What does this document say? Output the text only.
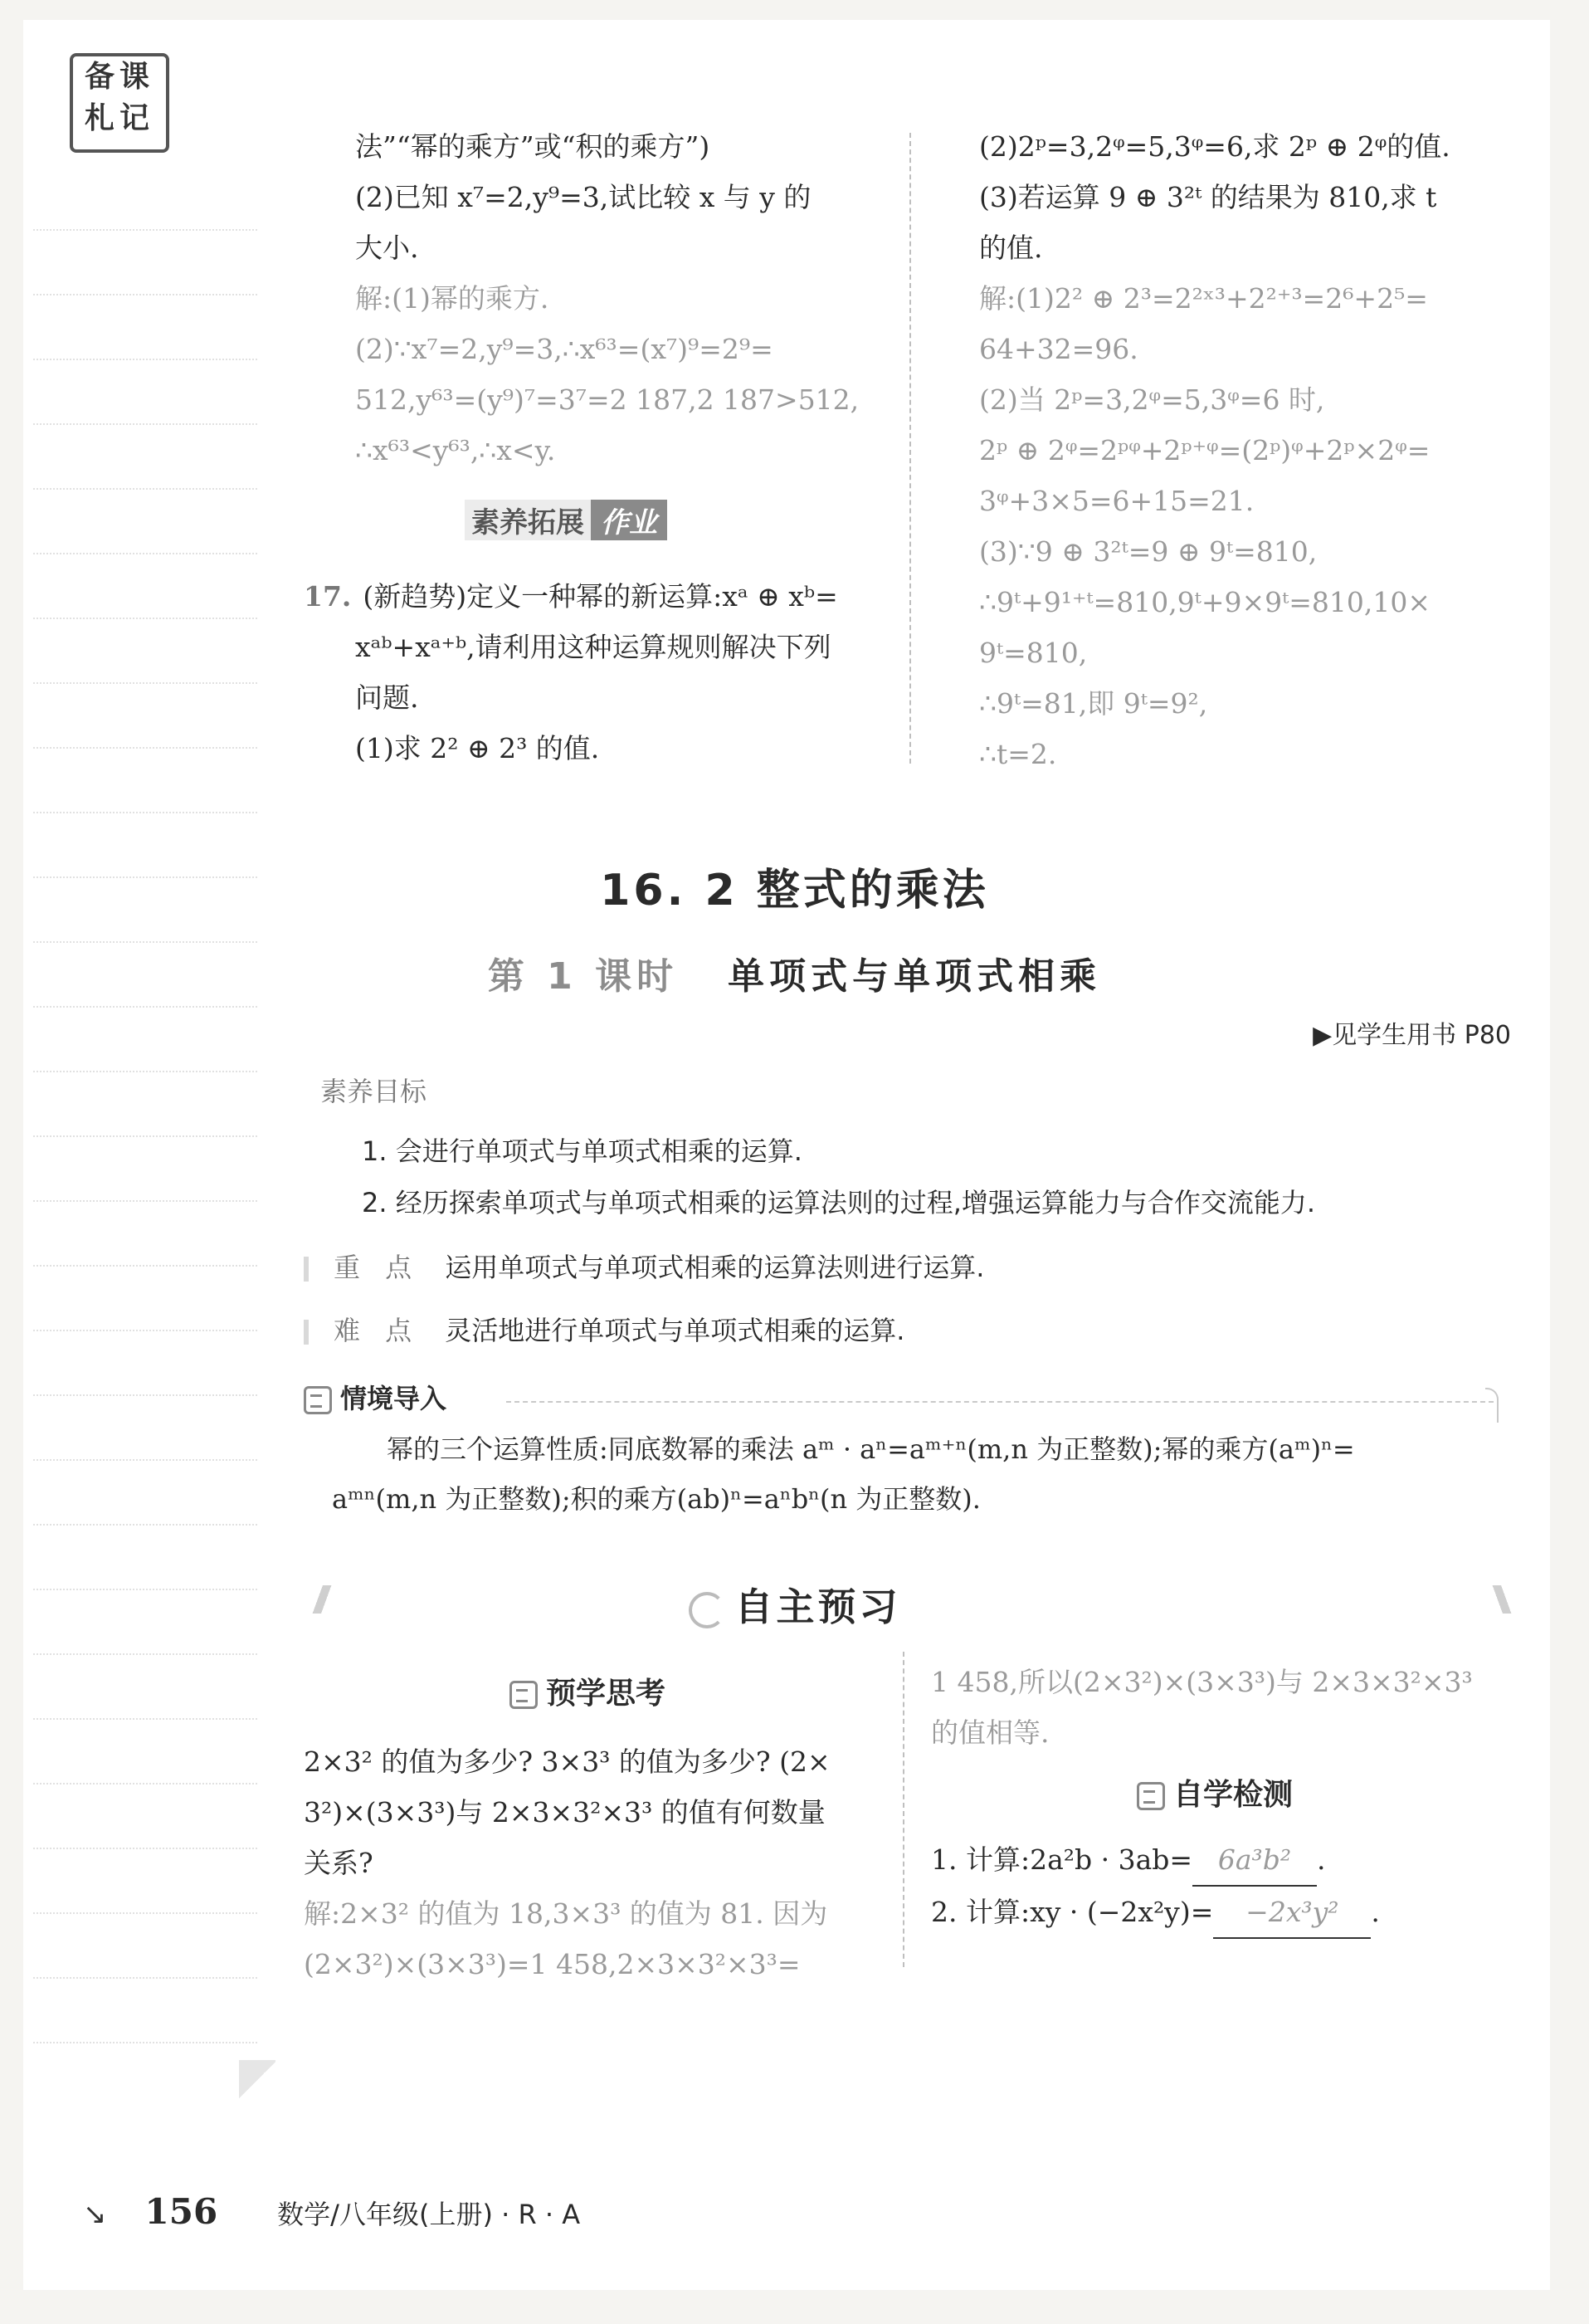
备课
札记

法”“幂的乘方”或“积的乘方”)

(2)已知 x⁷=2,y⁹=3,试比较 x 与 y 的

大小.

解:(1)幂的乘方.

(2)∵x⁷=2,y⁹=3,∴x⁶³=(x⁷)⁹=2⁹=

512,y⁶³=(y⁹)⁷=3⁷=2 187,2 187>512,

∴x⁶³<y⁶³,∴x<y.

素养拓展 作业

17. (新趋势)定义一种幂的新运算:xᵃ ⊕ xᵇ=

xᵃᵇ+xᵃ⁺ᵇ,请利用这种运算规则解决下列

问题.

(1)求 2² ⊕ 2³ 的值.

(2)2ᵖ=3,2ᵠ=5,3ᵠ=6,求 2ᵖ ⊕ 2ᵠ的值.

(3)若运算 9 ⊕ 3²ᵗ 的结果为 810,求 t

的值.

解:(1)2² ⊕ 2³=2²ˣ³+2²⁺³=2⁶+2⁵=

64+32=96.

(2)当 2ᵖ=3,2ᵠ=5,3ᵠ=6 时,

2ᵖ ⊕ 2ᵠ=2ᵖᵠ+2ᵖ⁺ᵠ=(2ᵖ)ᵠ+2ᵖ×2ᵠ=

3ᵠ+3×5=6+15=21.

(3)∵9 ⊕ 3²ᵗ=9 ⊕ 9ᵗ=810,

∴9ᵗ+9¹⁺ᵗ=810,9ᵗ+9×9ᵗ=810,10×

9ᵗ=810,

∴9ᵗ=81,即 9ᵗ=9²,

∴t=2.

16. 2 整式的乘法
第 1 课时 单项式与单项式相乘
▶见学生用书 P80
素养目标
1. 会进行单项式与单项式相乘的运算.
2. 经历探索单项式与单项式相乘的运算法则的过程,增强运算能力与合作交流能力.
重 点 运用单项式与单项式相乘的运算法则进行运算.
难 点 灵活地进行单项式与单项式相乘的运算.
情境导入

幂的三个运算性质:同底数幂的乘法 aᵐ · aⁿ=aᵐ⁺ⁿ(m,n 为正整数);幂的乘方(aᵐ)ⁿ=

aᵐⁿ(m,n 为正整数);积的乘方(ab)ⁿ=aⁿbⁿ(n 为正整数).

自主预习
预学思考

2×3² 的值为多少? 3×3³ 的值为多少? (2×

3²)×(3×3³)与 2×3×3²×3³ 的值有何数量

关系?

解:2×3² 的值为 18,3×3³ 的值为 81. 因为

(2×3²)×(3×3³)=1 458,2×3×3²×3³=

1 458,所以(2×3²)×(3×3³)与 2×3×3²×3³

的值相等.

自学检测

1. 计算:2a²b · 3ab= 6a³b² .

2. 计算:xy · (−2x²y)= −2x³y² .

↘ 156 数学/八年级(上册) · R · A
